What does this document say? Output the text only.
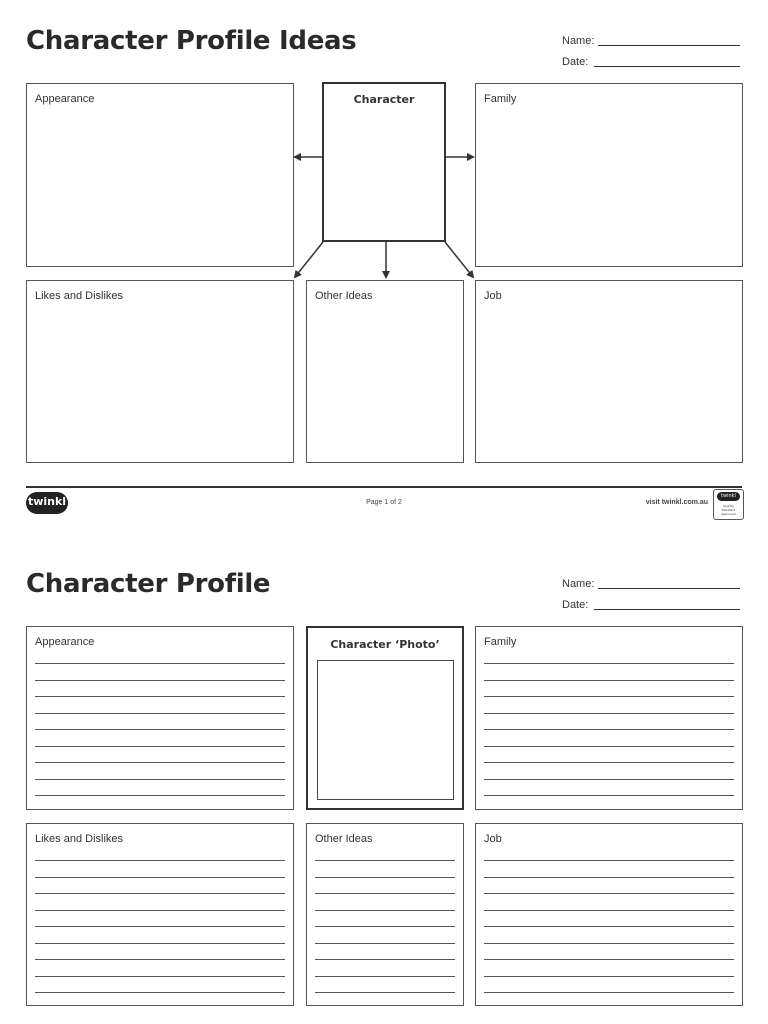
Character Profile Ideas	Name:
Date:
Appearance	Character	Family
Likes and Dislikes	Other Ideas	Job
twinkl	Page 1 of 2	visit twinkl.com.au
twinkl
Quality Standard Approved
Character Profile	Name:
Date:
Appearance	Character ‘Photo’	Family
Likes and Dislikes	Other Ideas	Job
